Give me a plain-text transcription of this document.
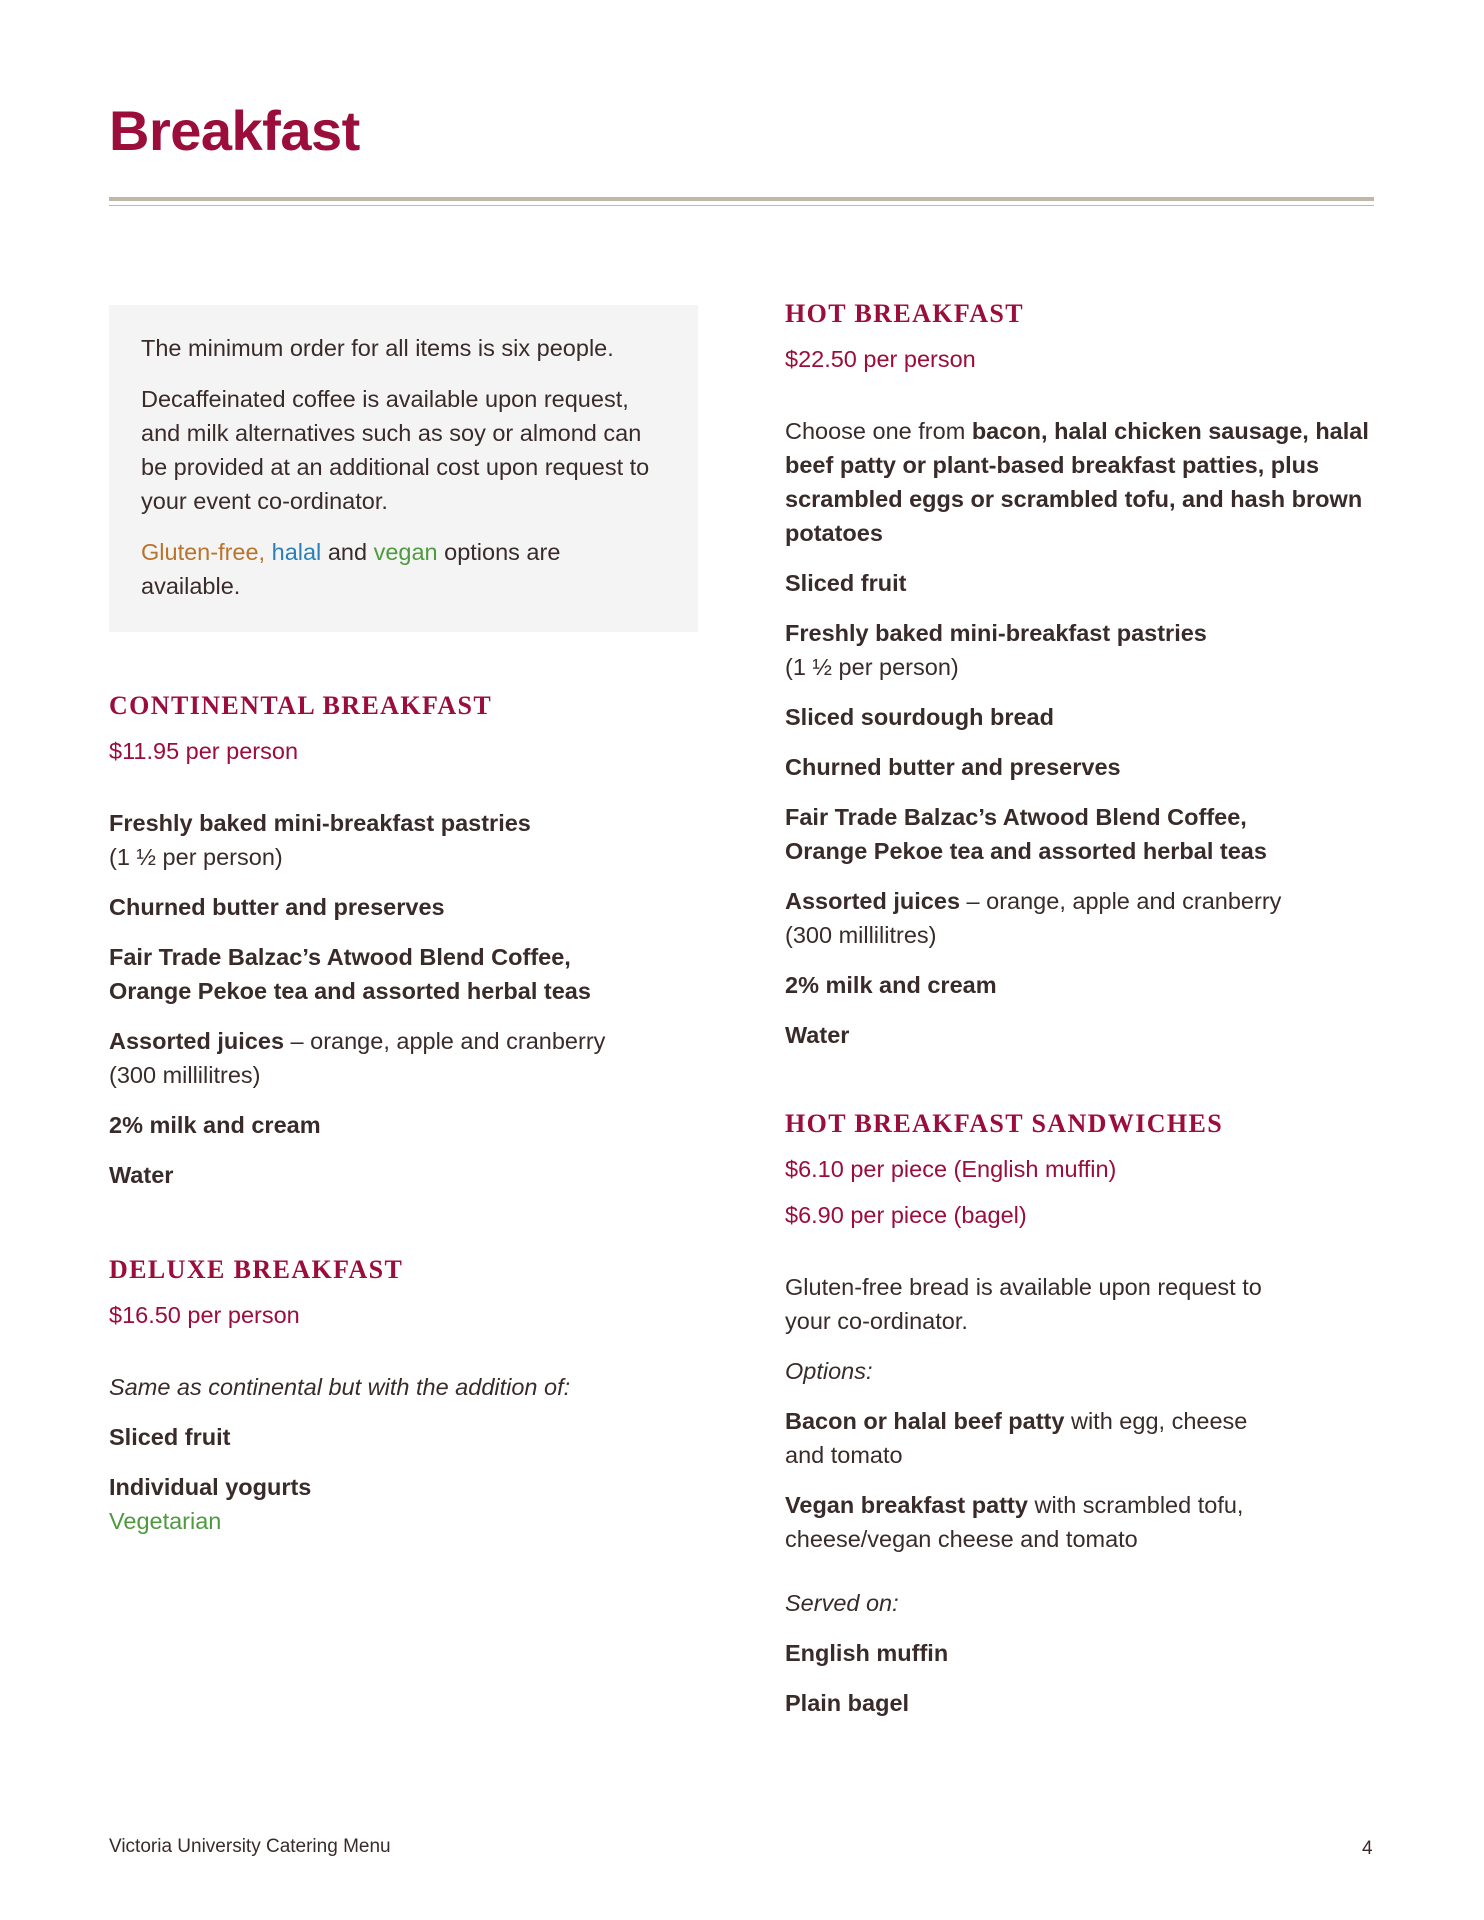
Breakfast

The minimum order for all items is six people.

Decaffeinated coffee is available upon request, and milk alternatives such as soy or almond can be provided at an additional cost upon request to your event co-ordinator.

Gluten-free, halal and vegan options are available.

CONTINENTAL BREAKFAST

$11.95 per person

Freshly baked mini-breakfast pastries
(1 ½ per person)

Churned butter and preserves

Fair Trade Balzac’s Atwood Blend Coffee, Orange Pekoe tea and assorted herbal teas

Assorted juices – orange, apple and cranberry (300 millilitres)

2% milk and cream

Water

DELUXE BREAKFAST

$16.50 per person

Same as continental but with the addition of:

Sliced fruit

Individual yogurts
Vegetarian

HOT BREAKFAST

$22.50 per person

Choose one from bacon, halal chicken sausage, halal beef patty or plant-based breakfast patties, plus scrambled eggs or scrambled tofu, and hash brown potatoes

Sliced fruit

Freshly baked mini-breakfast pastries
(1 ½ per person)

Sliced sourdough bread

Churned butter and preserves

Fair Trade Balzac’s Atwood Blend Coffee, Orange Pekoe tea and assorted herbal teas

Assorted juices – orange, apple and cranberry (300 millilitres)

2% milk and cream

Water

HOT BREAKFAST SANDWICHES

$6.10 per piece (English muffin)

$6.90 per piece (bagel)

Gluten-free bread is available upon request to your co-ordinator.

Options:

Bacon or halal beef patty with egg, cheese and tomato

Vegan breakfast patty with scrambled tofu, cheese/vegan cheese and tomato

Served on:

English muffin

Plain bagel

Victoria University Catering Menu	4
